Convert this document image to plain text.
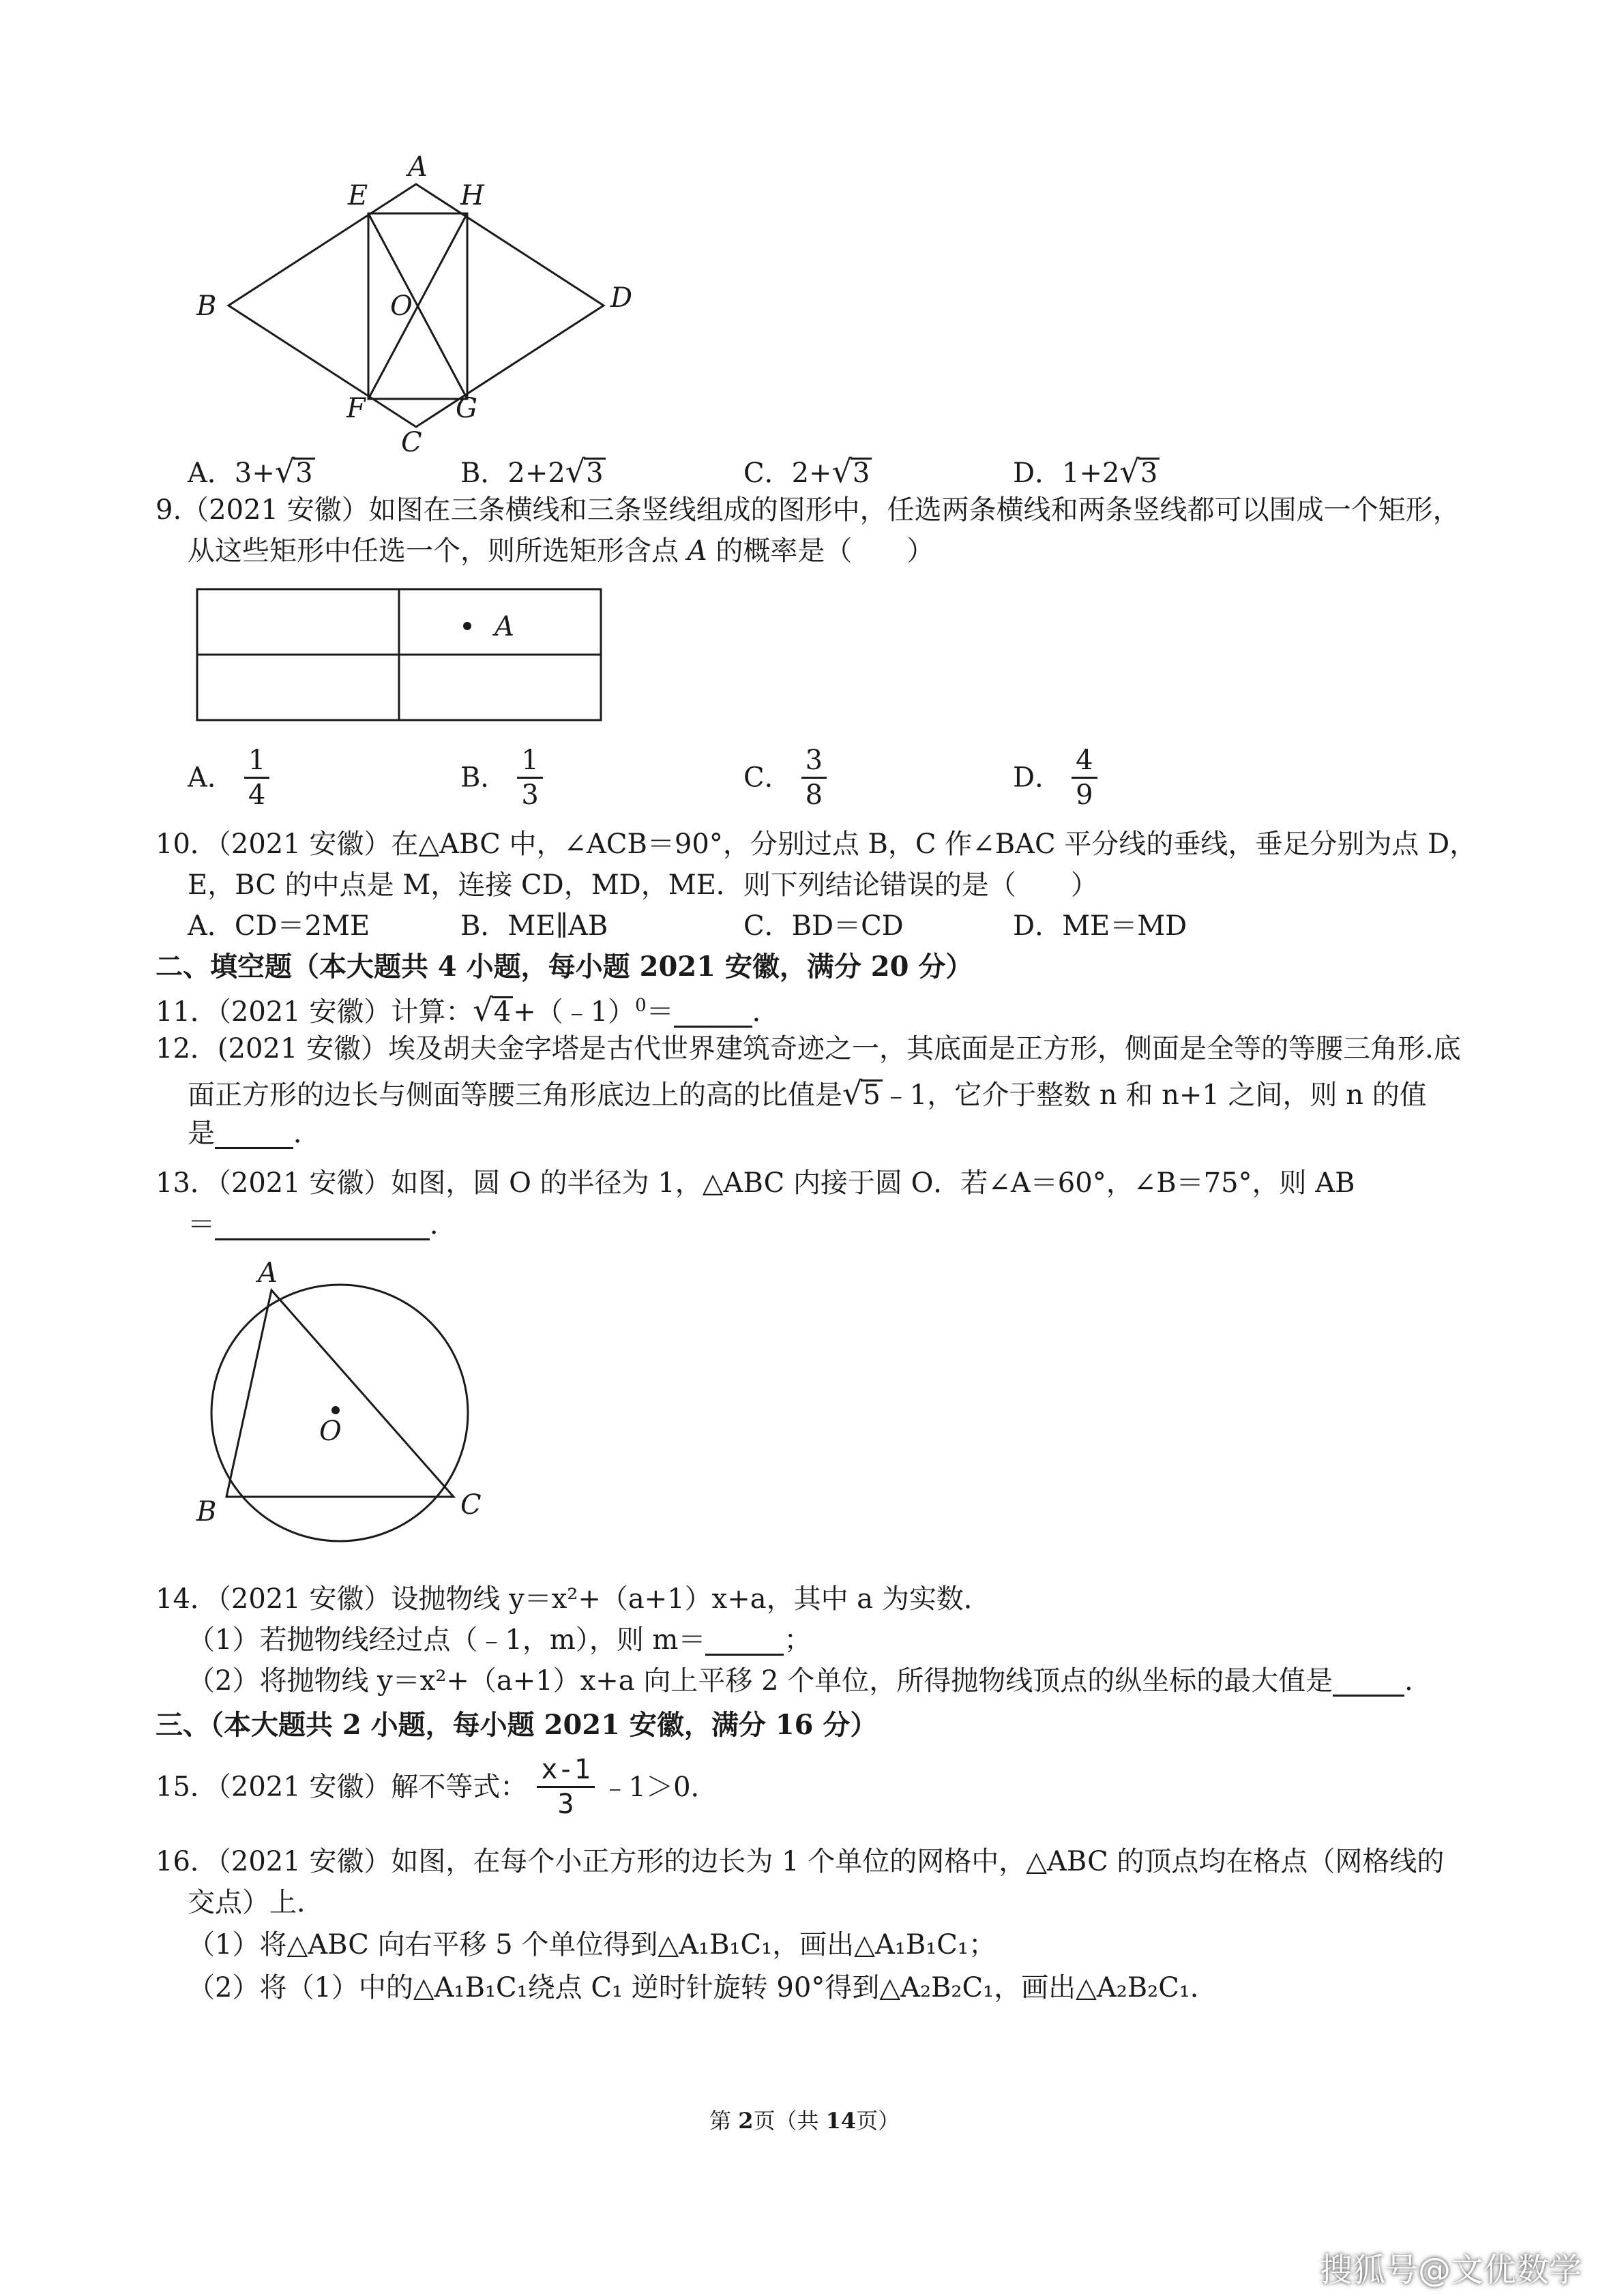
A
E	H
B	O	D
F	G
C
A．3+√3	B．2+2√3	C．2+√3	D．1+2√3
9.（2021 安徽）如图在三条横线和三条竖线组成的图形中，任选两条横线和两条竖线都可以围成一个矩形，
从这些矩形中任选一个，则所选矩形含点 A 的概率是（　　）
A
A． $\frac{1}{4}$	B． $\frac{1}{3}$	C． $\frac{3}{8}$	D． $\frac{4}{9}$
10．（2021 安徽）在△ABC 中，∠ACB＝90°，分别过点 B，C 作∠BAC 平分线的垂线，垂足分别为点 D，
E，BC 的中点是 M，连接 CD，MD，ME．则下列结论错误的是（　　）
A．CD＝2ME	B．ME∥AB	C．BD＝CD	D．ME＝MD
二、填空题（本大题共 4 小题，每小题 2021 安徽，满分 20 分）
11．（2021 安徽）计算：√4+（﹣1）$^0$＝	．
12．(2021 安徽）埃及胡夫金字塔是古代世界建筑奇迹之一，其底面是正方形，侧面是全等的等腰三角形.底
面正方形的边长与侧面等腰三角形底边上的高的比值是√5﹣1，它介于整数 n 和 n+1 之间，则 n 的值
是	．
13．（2021 安徽）如图，圆 O 的半径为 1，△ABC 内接于圆 O．若∠A＝60°，∠B＝75°，则 AB
＝	．
A
B	C
O
14．（2021 安徽）设抛物线 y＝x²+（a+1）x+a，其中 a 为实数．
（1）若抛物线经过点（﹣1，m），则 m＝	；
（2）将抛物线 y＝x²+（a+1）x+a 向上平移 2 个单位，所得抛物线顶点的纵坐标的最大值是	．
三、（本大题共 2 小题，每小题 2021 安徽，满分 16 分）
15．（2021 安徽）解不等式： $\frac{x-1}{3}$ ﹣1＞0．
16．（2021 安徽）如图，在每个小正方形的边长为 1 个单位的网格中，△ABC 的顶点均在格点（网格线的
交点）上．
（1）将△ABC 向右平移 5 个单位得到△A₁B₁C₁，画出△A₁B₁C₁；
（2）将（1）中的△A₁B₁C₁绕点 C₁ 逆时针旋转 90°得到△A₂B₂C₁，画出△A₂B₂C₁．
第 2页（共 14页）
搜狐号@文优数学
